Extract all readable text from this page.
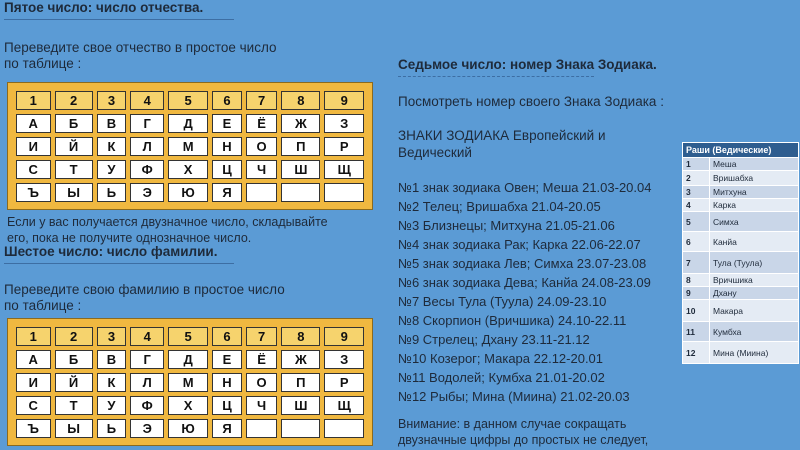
Пятое число: число отчества.
Переведите свое отчество в простое число
по таблице :
1	2	3	4	5	6	7	8	9
А	Б	В	Г	Д	Е	Ё	Ж	З
И	Й	К	Л	М	Н	О	П	Р
С	Т	У	Ф	Х	Ц	Ч	Ш	Щ
Ъ	Ы	Ь	Э	Ю	Я			
Если у вас получается двузначное число, складывайте
его, пока не получите однозначное число.
Шестое число: число фамилии.
Переведите свою фамилию в простое число
по таблице :
1	2	3	4	5	6	7	8	9
А	Б	В	Г	Д	Е	Ё	Ж	З
И	Й	К	Л	М	Н	О	П	Р
С	Т	У	Ф	Х	Ц	Ч	Ш	Щ
Ъ	Ы	Ь	Э	Ю	Я			
Седьмое число: номер Знака Зодиака.
Посмотреть номер своего Знака Зодиака :
ЗНАКИ ЗОДИАКА Европейский и
Ведический
№1 знак зодиака Овен; Меша 21.03-20.04
№2 Телец; Вришабха 21.04-20.05
№3 Близнецы; Митхуна 21.05-21.06
№4 знак зодиака Рак; Карка 22.06-22.07
№5 знак зодиака Лев; Симха 23.07-23.08
№6 знак зодиака Дева; Канйа 24.08-23.09
№7 Весы Тула (Туула) 24.09-23.10
№8 Скорпион (Вричшика) 24.10-22.11
№9 Стрелец; Дхану 23.11-21.12
№10 Козерог; Макара 22.12-20.01
№11 Водолей; Кумбха 21.01-20.02
№12 Рыбы; Мина (Миина) 21.02-20.03
Внимание: в данном случае сокращать
двузначные цифры до простых не следует,
Раши (Ведические)	
1	Меша
2	Вришабха
3	Митхуна
4	Карка
5	Симха
6	Канйа
7	Тула (Туула)
8	Вричшика
9	Дхану
10	Макара
11	Кумбха
12	Мина (Миина)
